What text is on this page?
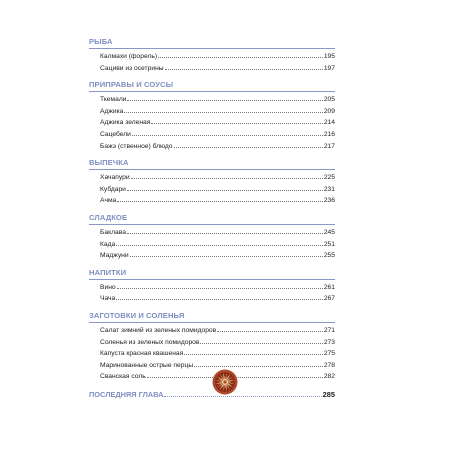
РЫБА
Калмахи (форель)	195
Сациви из осетрины	197
ПРИПРАВЫ И СОУСЫ
Ткемали	205
Аджика	209
Аджика зеленая	214
Сацебели	216
Бажэ (ственное) блюдо	217
ВЫПЕЧКА
Хачапури	225
Кубдари	231
Ачма	236
СЛАДКОЕ
Баклава	245
Када	251
Маджуни	255
НАПИТКИ
Вино	261
Чача	267
ЗАГОТОВКИ И СОЛЕНЬЯ
Салат зимний из зеленых помидоров	271
Соленья из зеленых помидоров	273
Капуста красная квашеная	275
Маринованные острые перцы	278
Сванская соль	282
ПОСЛЕДНЯЯ ГЛАВА	285
